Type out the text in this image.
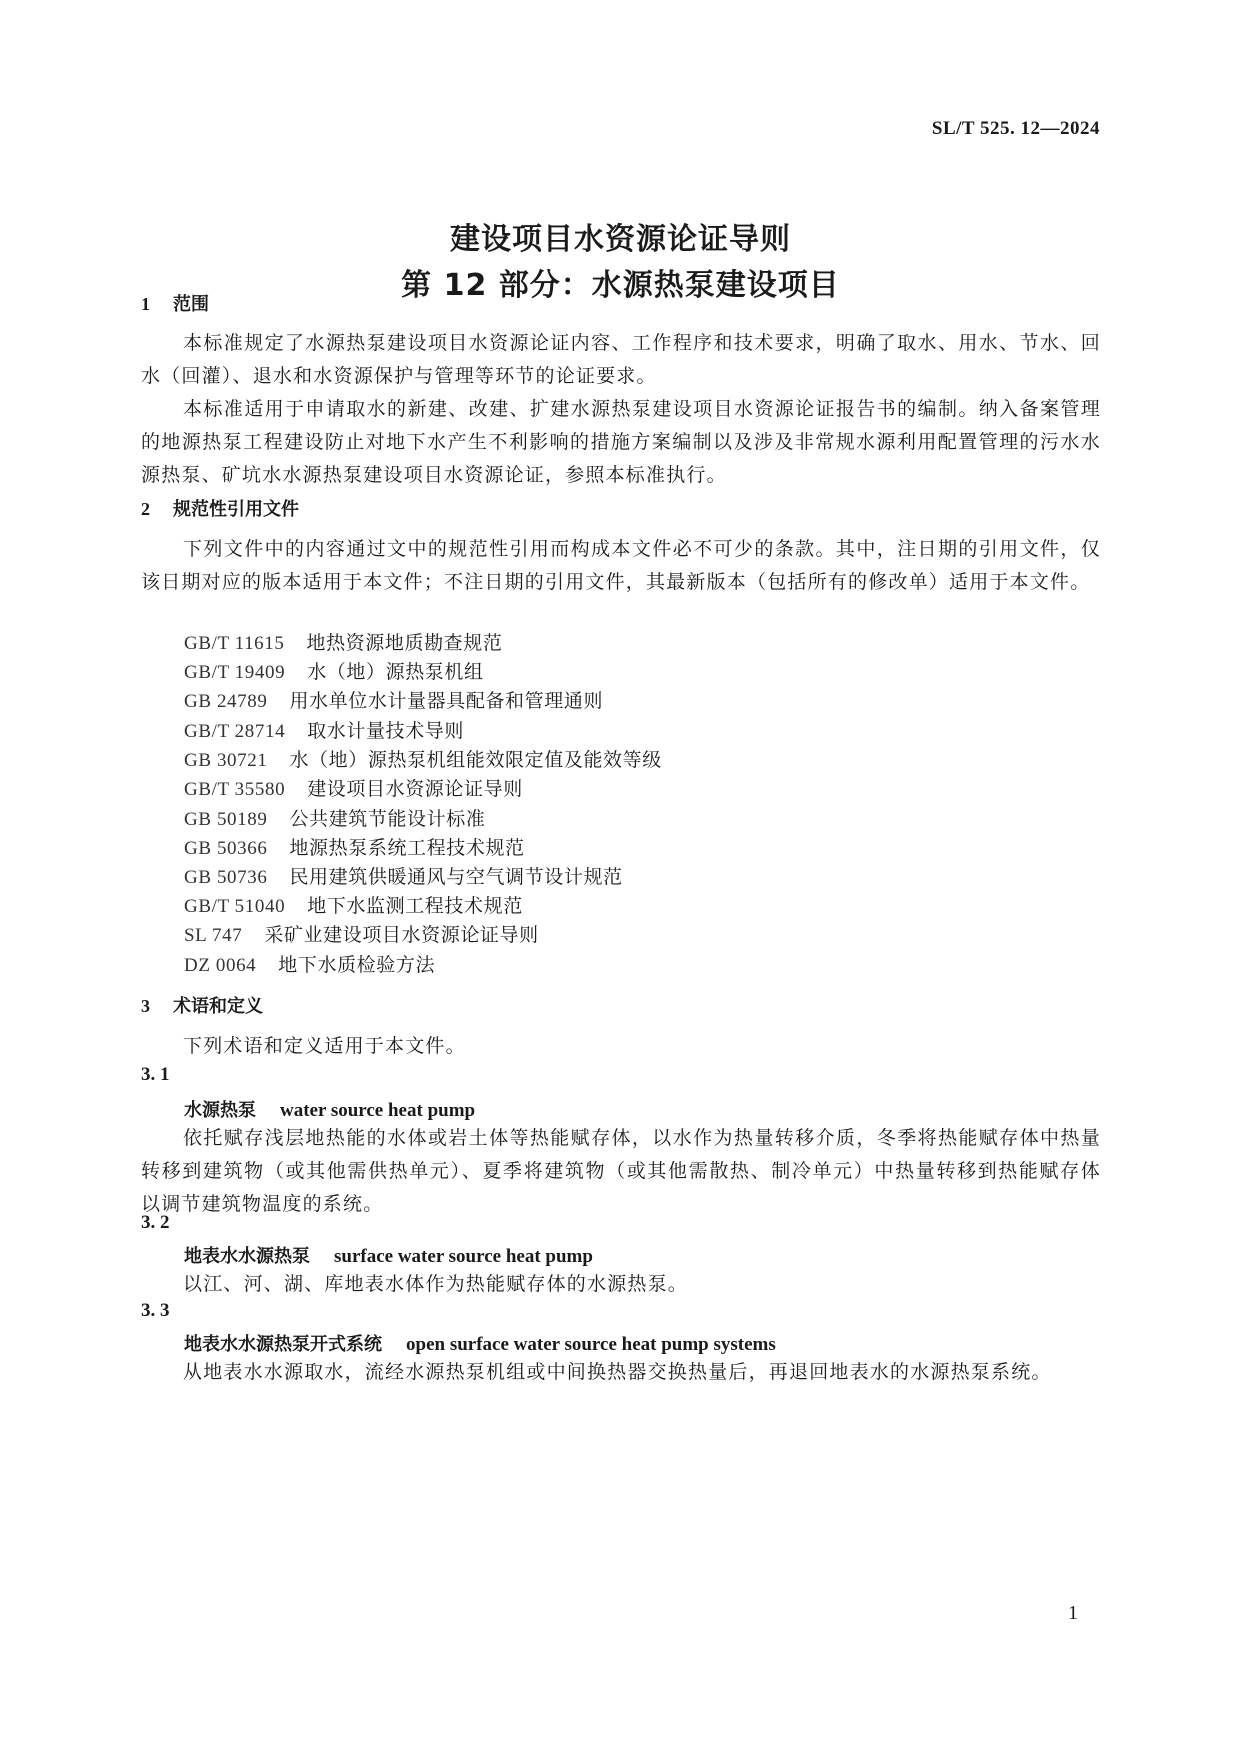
SL/T 525. 12—2024
建设项目水资源论证导则
第 12 部分：水源热泵建设项目
1 范围
本标准规定了水源热泵建设项目水资源论证内容、工作程序和技术要求，明确了取水、用水、节水、回水（回灌）、退水和水资源保护与管理等环节的论证要求。
本标准适用于申请取水的新建、改建、扩建水源热泵建设项目水资源论证报告书的编制。纳入备案管理的地源热泵工程建设防止对地下水产生不利影响的措施方案编制以及涉及非常规水源利用配置管理的污水水源热泵、矿坑水水源热泵建设项目水资源论证，参照本标准执行。
2 规范性引用文件
下列文件中的内容通过文中的规范性引用而构成本文件必不可少的条款。其中，注日期的引用文件，仅该日期对应的版本适用于本文件；不注日期的引用文件，其最新版本（包括所有的修改单）适用于本文件。
GB/T 11615 地热资源地质勘查规范
GB/T 19409 水（地）源热泵机组
GB 24789 用水单位水计量器具配备和管理通则
GB/T 28714 取水计量技术导则
GB 30721 水（地）源热泵机组能效限定值及能效等级
GB/T 35580 建设项目水资源论证导则
GB 50189 公共建筑节能设计标准
GB 50366 地源热泵系统工程技术规范
GB 50736 民用建筑供暖通风与空气调节设计规范
GB/T 51040 地下水监测工程技术规范
SL 747 采矿业建设项目水资源论证导则
DZ 0064 地下水质检验方法
3 术语和定义
下列术语和定义适用于本文件。
3. 1
水源热泵 water source heat pump
依托赋存浅层地热能的水体或岩土体等热能赋存体，以水作为热量转移介质，冬季将热能赋存体中热量转移到建筑物（或其他需供热单元）、夏季将建筑物（或其他需散热、制冷单元）中热量转移到热能赋存体以调节建筑物温度的系统。
3. 2
地表水水源热泵 surface water source heat pump
以江、河、湖、库地表水体作为热能赋存体的水源热泵。
3. 3
地表水水源热泵开式系统 open surface water source heat pump systems
从地表水水源取水，流经水源热泵机组或中间换热器交换热量后，再退回地表水的水源热泵系统。
1
